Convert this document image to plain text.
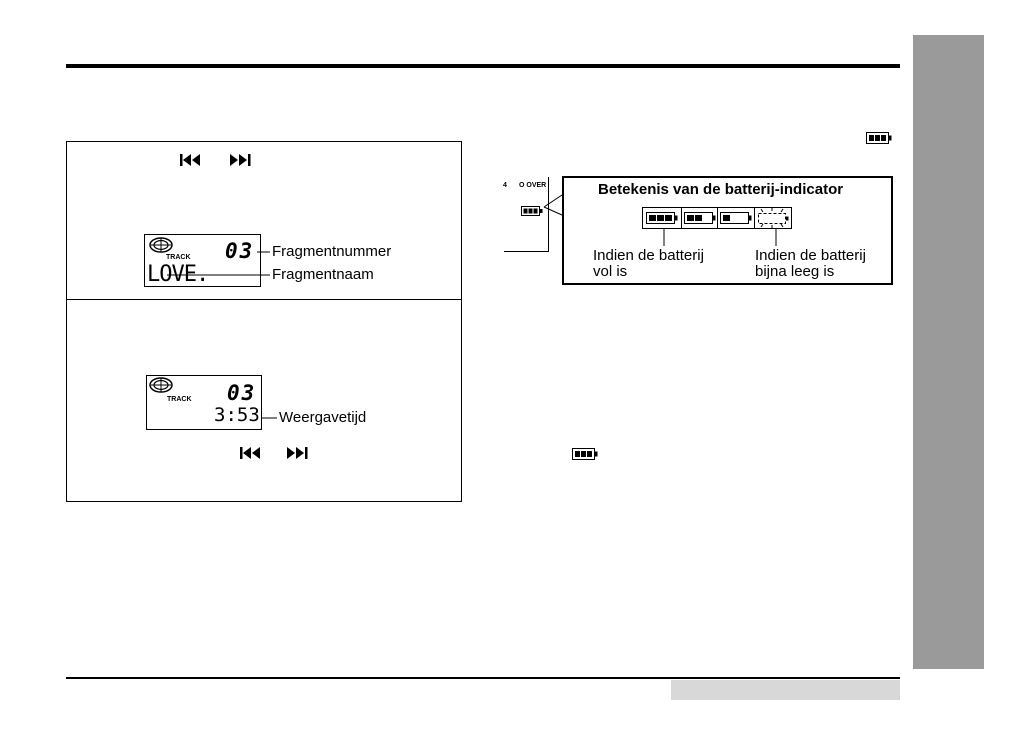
TRACK 03
LOVE.
Fragmentnummer
Fragmentnaam
TRACK 03
3:53 Weergavetijd
4 O OVER	Betekenis van de batterij-indicator
Indien de batterij
vol is
Indien de batterij
bijna leeg is
